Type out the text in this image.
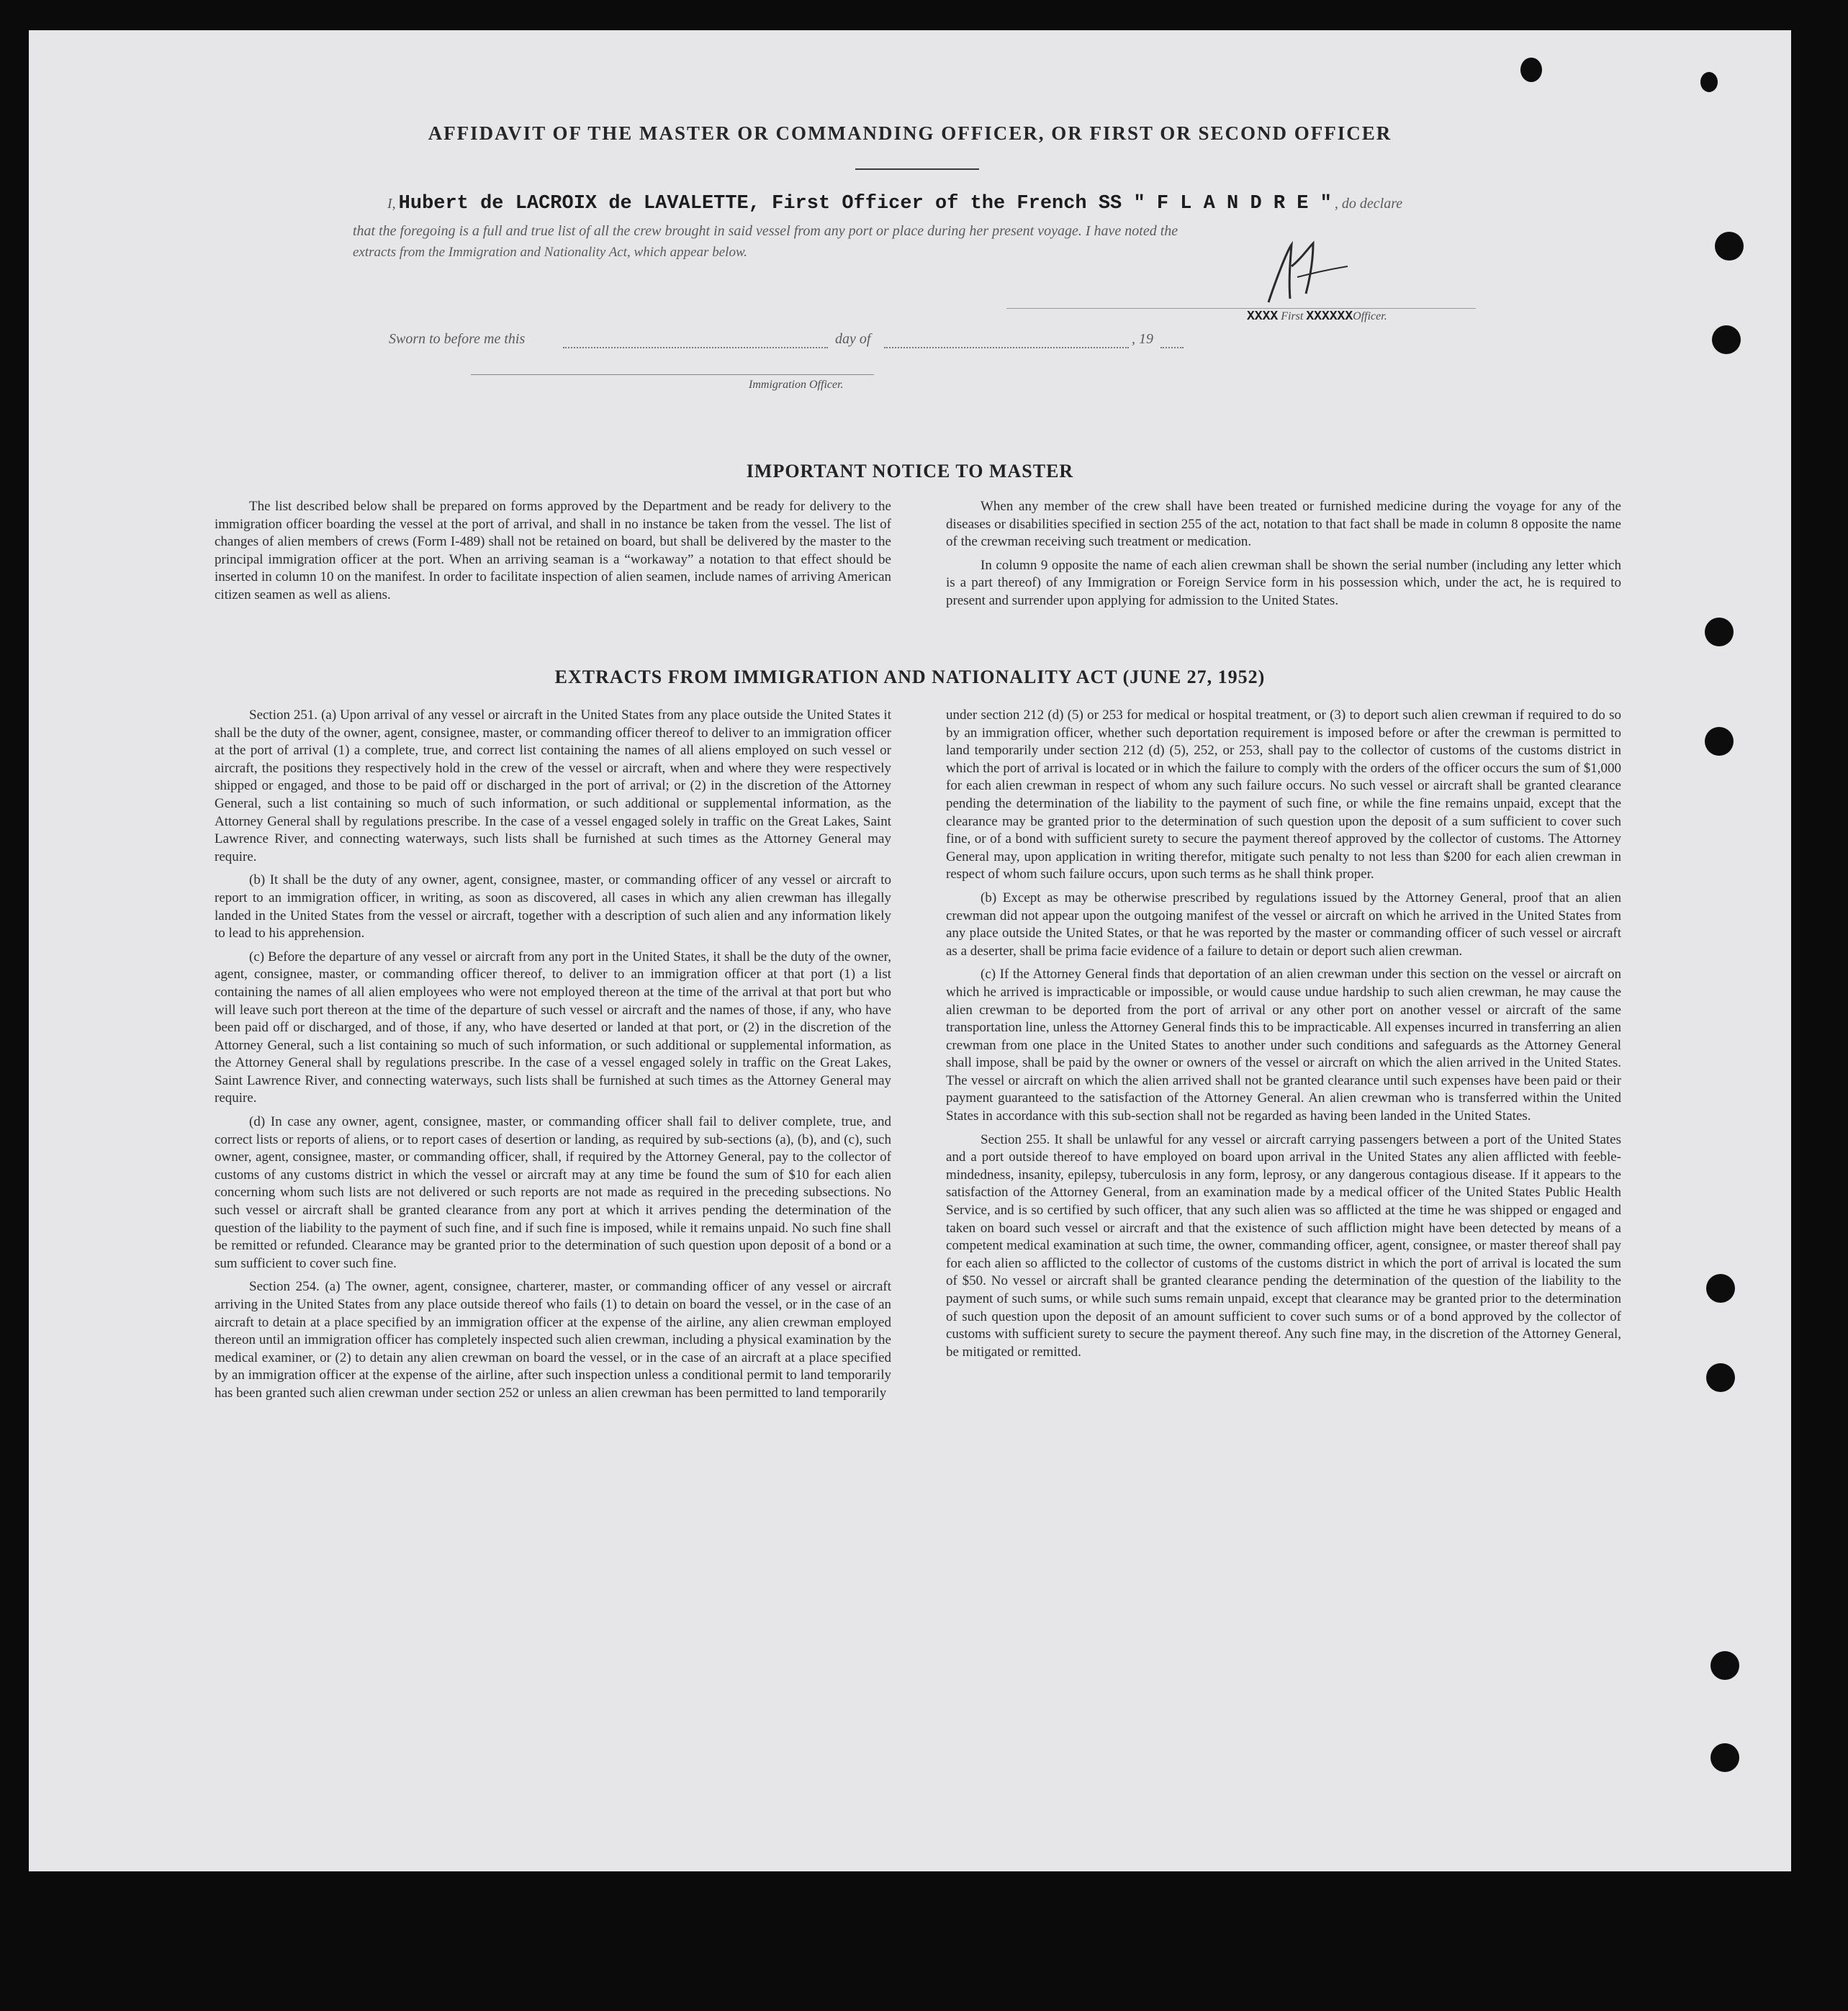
AFFIDAVIT OF THE MASTER OR COMMANDING OFFICER, OR FIRST OR SECOND OFFICER
I, Hubert de LACROIX de LAVALETTE, First Officer of the French SS " F L A N D R E " , do declare
that the foregoing is a full and true list of all the crew brought in said vessel from any port or place during her present voyage. I have noted the
extracts from the Immigration and Nationality Act, which appear below.
XXXX First XXXXXXOfficer.
Sworn to before me this	day of	, 19
Immigration Officer.
IMPORTANT NOTICE TO MASTER

The list described below shall be prepared on forms approved by the Department and be ready for delivery to the immigration officer boarding the vessel at the port of arrival, and shall in no instance be taken from the vessel. The list of changes of alien members of crews (Form I-489) shall not be retained on board, but shall be delivered by the master to the principal immigration officer at the port. When an arriving seaman is a “workaway” a notation to that effect should be inserted in column 10 on the manifest. In order to facilitate inspection of alien seamen, include names of arriving American citizen seamen as well as aliens.

When any member of the crew shall have been treated or furnished medicine during the voyage for any of the diseases or disabilities specified in section 255 of the act, notation to that fact shall be made in column 8 opposite the name of the crewman receiving such treatment or medication.

In column 9 opposite the name of each alien crewman shall be shown the serial number (including any letter which is a part thereof) of any Immigration or Foreign Service form in his possession which, under the act, he is required to present and surrender upon applying for admission to the United States.

EXTRACTS FROM IMMIGRATION AND NATIONALITY ACT (JUNE 27, 1952)

Section 251. (a) Upon arrival of any vessel or aircraft in the United States from any place outside the United States it shall be the duty of the owner, agent, consignee, master, or commanding officer thereof to deliver to an immigration officer at the port of arrival (1) a complete, true, and correct list containing the names of all aliens employed on such vessel or aircraft, the positions they respectively hold in the crew of the vessel or aircraft, when and where they were respectively shipped or engaged, and those to be paid off or discharged in the port of arrival; or (2) in the discretion of the Attorney General, such a list containing so much of such information, or such additional or supplemental information, as the Attorney General shall by regulations prescribe. In the case of a vessel engaged solely in traffic on the Great Lakes, Saint Lawrence River, and connecting waterways, such lists shall be furnished at such times as the Attorney General may require.

(b) It shall be the duty of any owner, agent, consignee, master, or commanding officer of any vessel or aircraft to report to an immigration officer, in writing, as soon as discovered, all cases in which any alien crewman has illegally landed in the United States from the vessel or aircraft, together with a description of such alien and any information likely to lead to his apprehension.

(c) Before the departure of any vessel or aircraft from any port in the United States, it shall be the duty of the owner, agent, consignee, master, or commanding officer thereof, to deliver to an immigration officer at that port (1) a list containing the names of all alien employees who were not employed thereon at the time of the arrival at that port but who will leave such port thereon at the time of the departure of such vessel or aircraft and the names of those, if any, who have been paid off or discharged, and of those, if any, who have deserted or landed at that port, or (2) in the discretion of the Attorney General, such a list containing so much of such information, or such additional or supplemental information, as the Attorney General shall by regulations prescribe. In the case of a vessel engaged solely in traffic on the Great Lakes, Saint Lawrence River, and connecting waterways, such lists shall be furnished at such times as the Attorney General may require.

(d) In case any owner, agent, consignee, master, or commanding officer shall fail to deliver complete, true, and correct lists or reports of aliens, or to report cases of desertion or landing, as required by sub-sections (a), (b), and (c), such owner, agent, consignee, master, or commanding officer, shall, if required by the Attorney General, pay to the collector of customs of any customs district in which the vessel or aircraft may at any time be found the sum of $10 for each alien concerning whom such lists are not delivered or such reports are not made as required in the preceding subsections. No such vessel or aircraft shall be granted clearance from any port at which it arrives pending the determination of the question of the liability to the payment of such fine, and if such fine is imposed, while it remains unpaid. No such fine shall be remitted or refunded. Clearance may be granted prior to the determination of such question upon deposit of a bond or a sum sufficient to cover such fine.

Section 254. (a) The owner, agent, consignee, charterer, master, or commanding officer of any vessel or aircraft arriving in the United States from any place outside thereof who fails (1) to detain on board the vessel, or in the case of an aircraft to detain at a place specified by an immigration officer at the expense of the airline, any alien crewman employed thereon until an immigration officer has completely inspected such alien crewman, including a physical examination by the medical examiner, or (2) to detain any alien crewman on board the vessel, or in the case of an aircraft at a place specified by an immigration officer at the expense of the airline, after such inspection unless a conditional permit to land temporarily has been granted such alien crewman under section 252 or unless an alien crewman has been permitted to land temporarily

under section 212 (d) (5) or 253 for medical or hospital treatment, or (3) to deport such alien crewman if required to do so by an immigration officer, whether such deportation requirement is imposed before or after the crewman is permitted to land temporarily under section 212 (d) (5), 252, or 253, shall pay to the collector of customs of the customs district in which the port of arrival is located or in which the failure to comply with the orders of the officer occurs the sum of $1,000 for each alien crewman in respect of whom any such failure occurs. No such vessel or aircraft shall be granted clearance pending the determination of the liability to the payment of such fine, or while the fine remains unpaid, except that the clearance may be granted prior to the determination of such question upon the deposit of a sum sufficient to cover such fine, or of a bond with sufficient surety to secure the payment thereof approved by the collector of customs. The Attorney General may, upon application in writing therefor, mitigate such penalty to not less than $200 for each alien crewman in respect of whom such failure occurs, upon such terms as he shall think proper.

(b) Except as may be otherwise prescribed by regulations issued by the Attorney General, proof that an alien crewman did not appear upon the outgoing manifest of the vessel or aircraft on which he arrived in the United States from any place outside the United States, or that he was reported by the master or commanding officer of such vessel or aircraft as a deserter, shall be prima facie evidence of a failure to detain or deport such alien crewman.

(c) If the Attorney General finds that deportation of an alien crewman under this section on the vessel or aircraft on which he arrived is impracticable or impossible, or would cause undue hardship to such alien crewman, he may cause the alien crewman to be deported from the port of arrival or any other port on another vessel or aircraft of the same transportation line, unless the Attorney General finds this to be impracticable. All expenses incurred in transferring an alien crewman from one place in the United States to another under such conditions and safeguards as the Attorney General shall impose, shall be paid by the owner or owners of the vessel or aircraft on which the alien arrived in the United States. The vessel or aircraft on which the alien arrived shall not be granted clearance until such expenses have been paid or their payment guaranteed to the satisfaction of the Attorney General. An alien crewman who is transferred within the United States in accordance with this sub-section shall not be regarded as having been landed in the United States.

Section 255. It shall be unlawful for any vessel or aircraft carrying passengers between a port of the United States and a port outside thereof to have employed on board upon arrival in the United States any alien afflicted with feeble-mindedness, insanity, epilepsy, tuberculosis in any form, leprosy, or any dangerous contagious disease. If it appears to the satisfaction of the Attorney General, from an examination made by a medical officer of the United States Public Health Service, and is so certified by such officer, that any such alien was so afflicted at the time he was shipped or engaged and taken on board such vessel or aircraft and that the existence of such affliction might have been detected by means of a competent medical examination at such time, the owner, commanding officer, agent, consignee, or master thereof shall pay for each alien so afflicted to the collector of customs of the customs district in which the port of arrival is located the sum of $50. No vessel or aircraft shall be granted clearance pending the determination of the question of the liability to the payment of such sums, or while such sums remain unpaid, except that clearance may be granted prior to the determination of such question upon the deposit of an amount sufficient to cover such sums or of a bond approved by the collector of customs with sufficient surety to secure the payment thereof. Any such fine may, in the discretion of the Attorney General, be mitigated or remitted.
